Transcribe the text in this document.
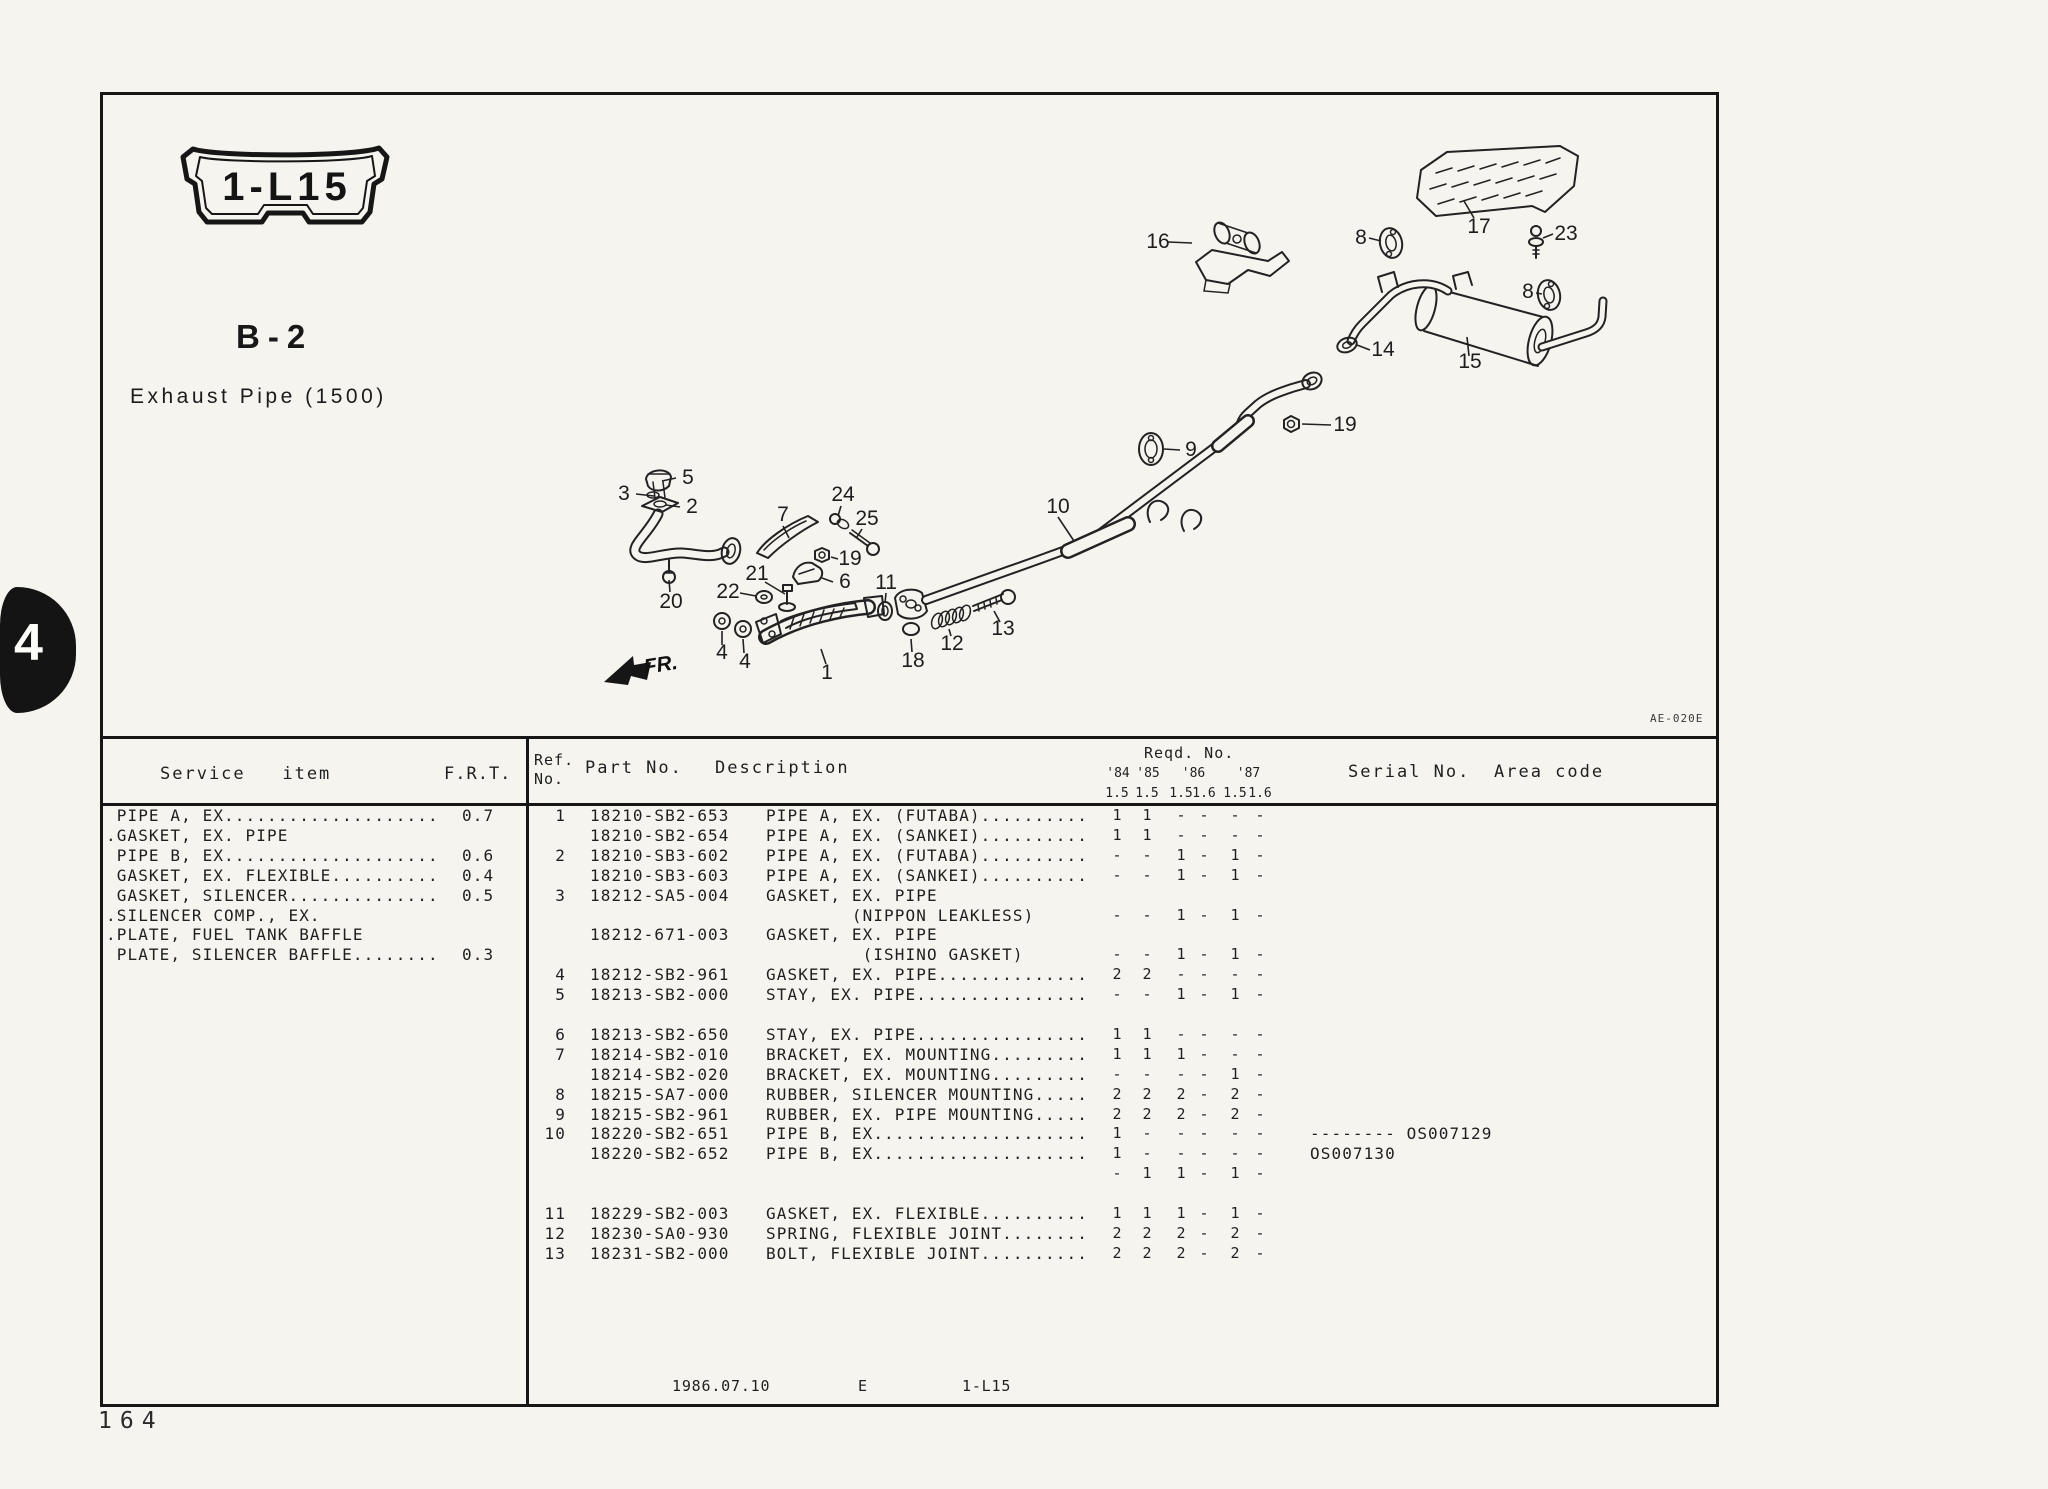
4
1-L15
B-2
Exhaust Pipe (1500)
FR.
3
5
2
20
7
24
25
19
6
21
22	11
4 4	1
18
12
13
10
9
19
14
15
16	8	23
8
17
AE-020E
Service   item	F.R.T.
PIPE A, EX.................... 0.7
.GASKET, EX. PIPE
PIPE B, EX.................... 0.6
GASKET, EX. FLEXIBLE.......... 0.4
GASKET, SILENCER.............. 0.5
.SILENCER COMP., EX.
.PLATE, FUEL TANK BAFFLE
PLATE, SILENCER BAFFLE........ 0.3
Ref.
No.
Part No. Description
Reqd. No.
'84 '85 '86 '87
1.5 1.5 1.5 1.6 1.5 1.6
Serial No. Area code
1 18210-SB2-653 PIPE A, EX. (FUTABA)..........	1	1	- -	-	-
18210-SB2-654 PIPE A, EX. (SANKEI)..........	1	1	- -	-	-
2 18210-SB3-602 PIPE A, EX. (FUTABA)..........	-	-	1 -	1	-
18210-SB3-603 PIPE A, EX. (SANKEI)..........	-	-	1 -	1	-
3 18212-SA5-004 GASKET, EX. PIPE
(NIPPON LEAKLESS)	-	-	1 -	1	-
18212-671-003 GASKET, EX. PIPE
(ISHINO GASKET)	-	-	1 -	1	-
4 18212-SB2-961 GASKET, EX. PIPE..............	2	2	- -	-	-
5 18213-SB2-000 STAY, EX. PIPE................	-	-	1 -	1	-
6 18213-SB2-650 STAY, EX. PIPE................	1	1	- -	-	-
7 18214-SB2-010 BRACKET, EX. MOUNTING.........	1	1	1 -	-	-
18214-SB2-020 BRACKET, EX. MOUNTING.........	-	-	- -	1	-
8 18215-SA7-000 RUBBER, SILENCER MOUNTING.....	2	2	2 -	2	-
9 18215-SB2-961 RUBBER, EX. PIPE MOUNTING.....	2	2	2 -	2	-
10 18220-SB2-651 PIPE B, EX....................	1	-	- -	-	-	-------- OS007129
18220-SB2-652 PIPE B, EX....................	1	-	- -	-	-	OS007130
-	1	1 -	1	-
11 18229-SB2-003 GASKET, EX. FLEXIBLE..........	1	1	1 -	1	-
12 18230-SA0-930 SPRING, FLEXIBLE JOINT........	2	2	2 -	2	-
13 18231-SB2-000 BOLT, FLEXIBLE JOINT..........	2	2	2 -	2	-
1986.07.10	E	1-L15
164
